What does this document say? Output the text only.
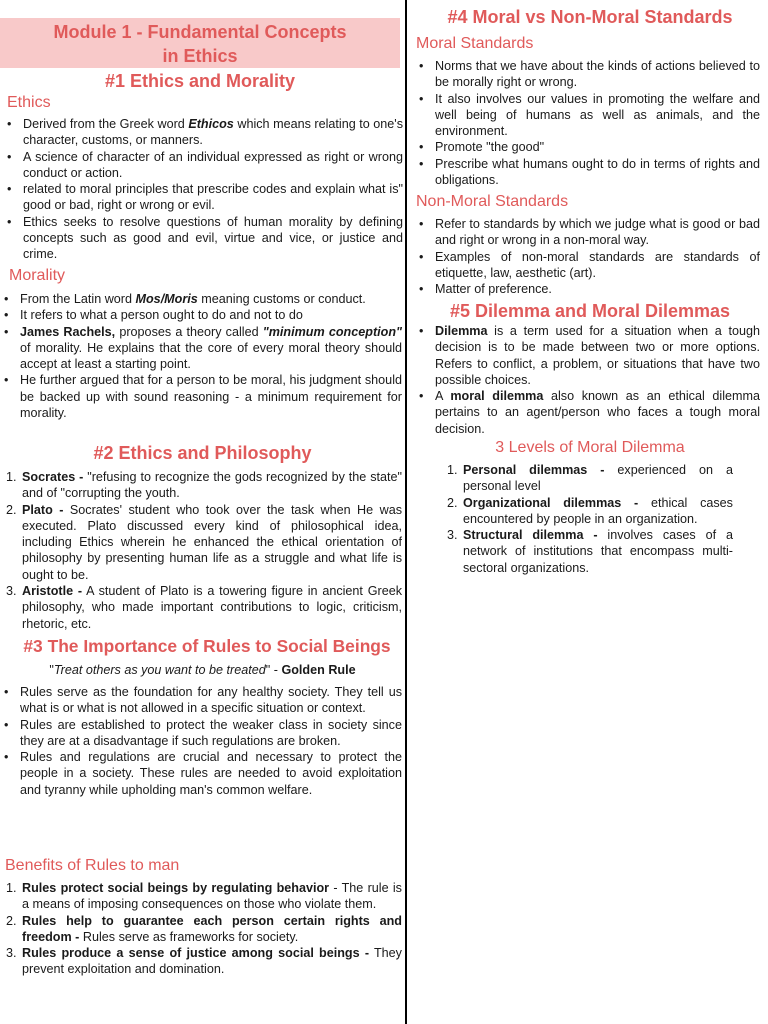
Module 1 - Fundamental Concepts
in Ethics
#1 Ethics and Morality
Ethics
• Derived from the Greek word Ethicos which means relating to one's character, customs, or manners.
• A science of character of an individual expressed as right or wrong conduct or action.
• related to moral principles that prescribe codes and explain what is" good or bad, right or wrong or evil.
• Ethics seeks to resolve questions of human morality by defining concepts such as good and evil, virtue and vice, or justice and crime.
Morality
• From the Latin word Mos/Moris meaning customs or conduct.
• It refers to what a person ought to do and not to do
• James Rachels, proposes a theory called "minimum conception" of morality. He explains that the core of every moral theory should accept at least a starting point.
• He further argued that for a person to be moral, his judgment should be backed up with sound reasoning - a minimum requirement for morality.
#2 Ethics and Philosophy
1. Socrates - "refusing to recognize the gods recognized by the state" and of "corrupting the youth.
2. Plato - Socrates' student who took over the task when He was executed. Plato discussed every kind of philosophical idea, including Ethics wherein he enhanced the ethical orientation of philosophy by presenting human life as a struggle and what life is ought to be.
3. Aristotle - A student of Plato is a towering figure in ancient Greek philosophy, who made important contributions to logic, criticism, rhetoric, etc.
#3 The Importance of Rules to Social Beings
"Treat others as you want to be treated" - Golden Rule
• Rules serve as the foundation for any healthy society. They tell us what is or what is not allowed in a specific situation or context.
• Rules are established to protect the weaker class in society since they are at a disadvantage if such regulations are broken.
• Rules and regulations are crucial and necessary to protect the people in a society. These rules are needed to avoid exploitation and tyranny while upholding man's common welfare.
Benefits of Rules to man
1. Rules protect social beings by regulating behavior - The rule is a means of imposing consequences on those who violate them.
2. Rules help to guarantee each person certain rights and freedom - Rules serve as frameworks for society.
3. Rules produce a sense of justice among social beings - They prevent exploitation and domination.
#4 Moral vs Non-Moral Standards
Moral Standards
• Norms that we have about the kinds of actions believed to be morally right or wrong.
• It also involves our values in promoting the welfare and well being of humans as well as animals, and the environment.
• Promote "the good"
• Prescribe what humans ought to do in terms of rights and obligations.
Non-Moral Standards
• Refer to standards by which we judge what is good or bad and right or wrong in a non-moral way.
• Examples of non-moral standards are standards of etiquette, law, aesthetic (art).
• Matter of preference.
#5 Dilemma and Moral Dilemmas
• Dilemma is a term used for a situation when a tough decision is to be made between two or more options. Refers to conflict, a problem, or situations that have two possible choices.
• A moral dilemma also known as an ethical dilemma pertains to an agent/person who faces a tough moral decision.
3 Levels of Moral Dilemma
1. Personal dilemmas - experienced on a personal level
2. Organizational dilemmas - ethical cases encountered by people in an organization.
3. Structural dilemma - involves cases of a network of institutions that encompass multi-sectoral organizations.
